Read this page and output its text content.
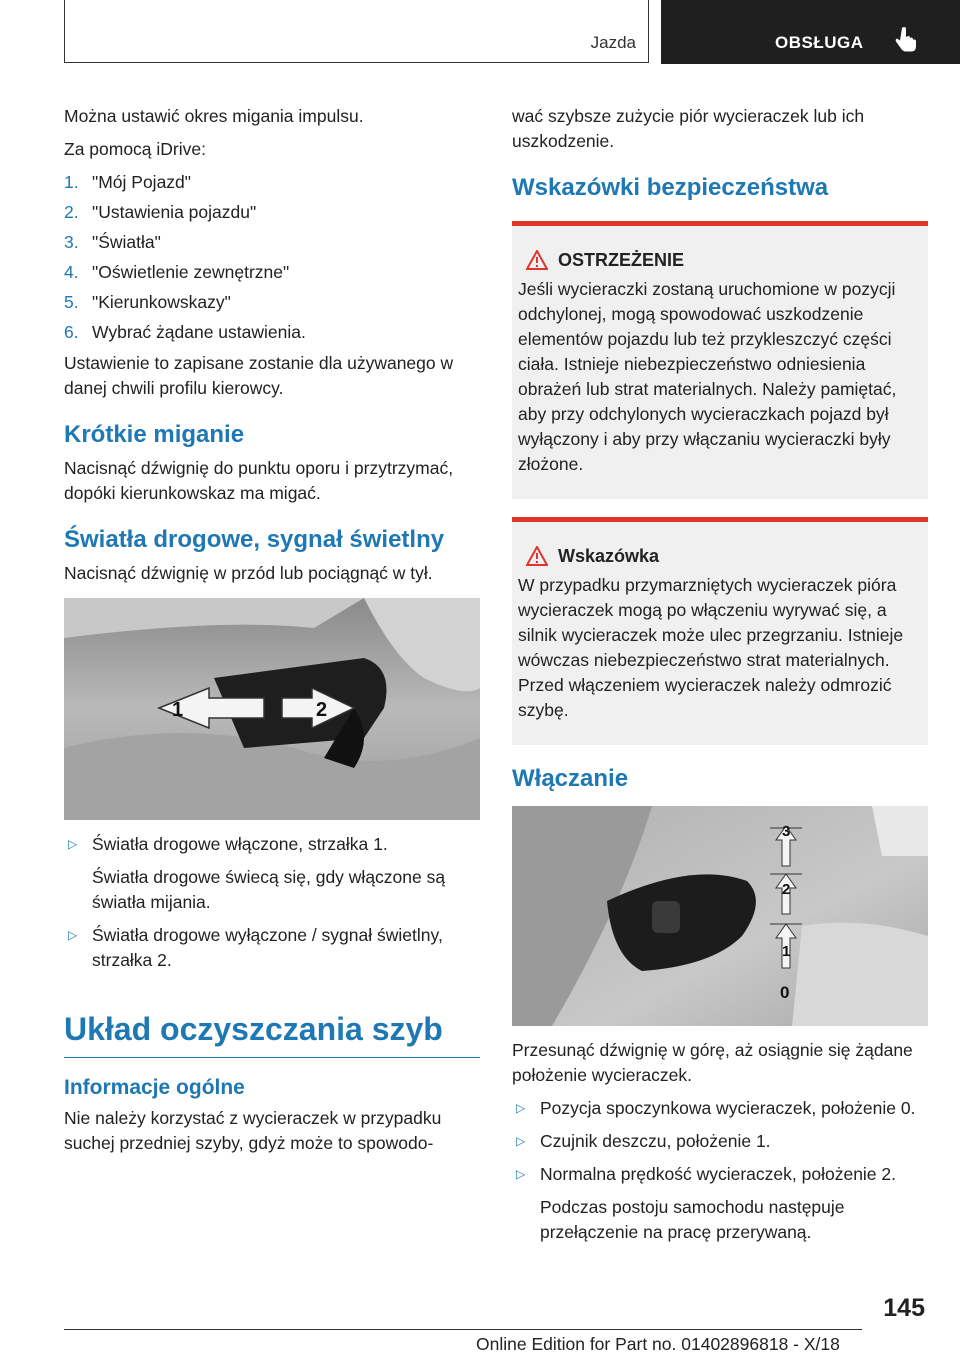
Jazda	OBSŁUGA

Można ustawić okres migania impulsu.

Za pomocą iDrive:

1. "Mój Pojazd"
2. "Ustawienia pojazdu"
3. "Światła"
4. "Oświetlenie zewnętrzne"
5. "Kierunkowskazy"
6. Wybrać żądane ustawienia.

Ustawienie to zapisane zostanie dla używanego w danej chwili profilu kierowcy.

Krótkie miganie

Nacisnąć dźwignię do punktu oporu i przytrzymać, dopóki kierunkowskaz ma migać.

Światła drogowe, sygnał świetlny

Nacisnąć dźwignię w przód lub pociągnąć w tył.

1	2
▷ Światła drogowe włączone, strzałka 1.
Światła drogowe świecą się, gdy włączone są światła mijania.
▷ Światła drogowe wyłączone / sygnał świetlny, strzałka 2.
Układ oczyszczania szyb
Informacje ogólne

Nie należy korzystać z wycieraczek w przypadku suchej przedniej szyby, gdyż może to spowodo-

wać szybsze zużycie piór wycieraczek lub ich uszkodzenie.

Wskazówki bezpieczeństwa
OSTRZEŻENIE

Jeśli wycieraczki zostaną uruchomione w pozycji odchylonej, mogą spowodować uszkodzenie elementów pojazdu lub też przykleszczyć części ciała. Istnieje niebezpieczeństwo odniesienia obrażeń lub strat materialnych. Należy pamiętać, aby przy odchylonych wycieraczkach pojazd był wyłączony i aby przy włączaniu wycieraczki były złożone.

Wskazówka

W przypadku przymarzniętych wycieraczek pióra wycieraczek mogą po włączeniu wyrywać się, a silnik wycieraczek może ulec przegrzaniu. Istnieje wówczas niebezpieczeństwo strat materialnych. Przed włączeniem wycieraczek należy odmrozić szybę.

Włączanie
3
2
1
0

Przesunąć dźwignię w górę, aż osiągnie się żądane położenie wycieraczek.

▷ Pozycja spoczynkowa wycieraczek, położenie 0.
▷ Czujnik deszczu, położenie 1.
▷ Normalna prędkość wycieraczek, położenie 2.
Podczas postoju samochodu następuje przełączenie na pracę przerywaną.
145
Online Edition for Part no. 01402896818 - X/18
